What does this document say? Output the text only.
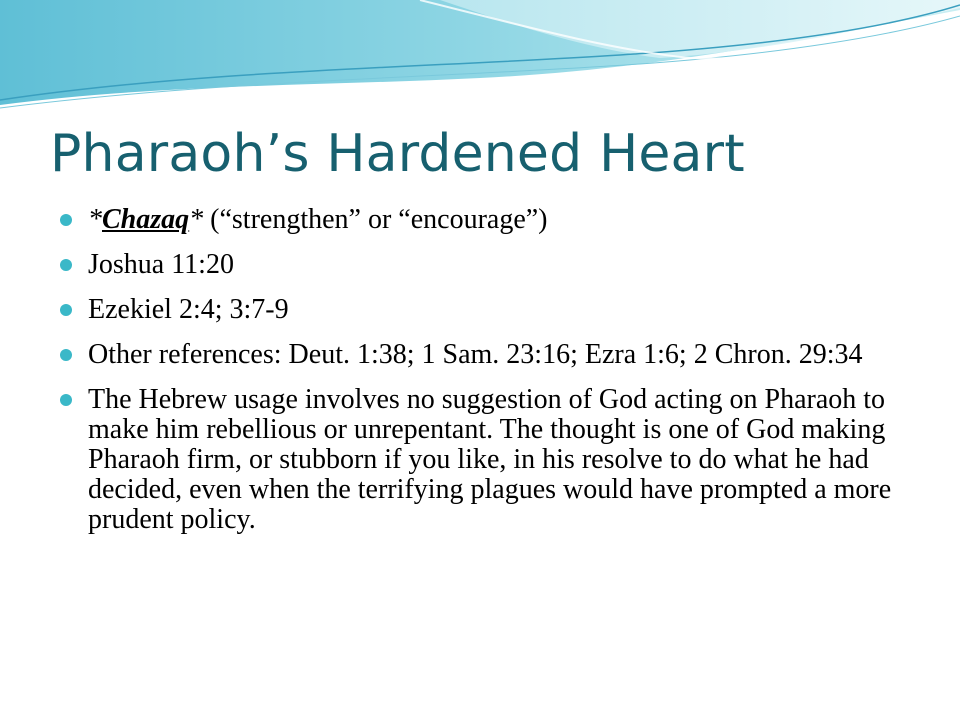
Pharaoh’s Hardened Heart
*Chazaq* (“strengthen” or “encourage”)
Joshua 11:20
Ezekiel 2:4; 3:7-9
Other references: Deut. 1:38; 1 Sam. 23:16; Ezra 1:6; 2 Chron. 29:34
The Hebrew usage involves no suggestion of God acting on Pharaoh to make him rebellious or unrepentant. The thought is one of God making Pharaoh firm, or stubborn if you like, in his resolve to do what he had decided, even when the terrifying plagues would have prompted a more prudent policy.
